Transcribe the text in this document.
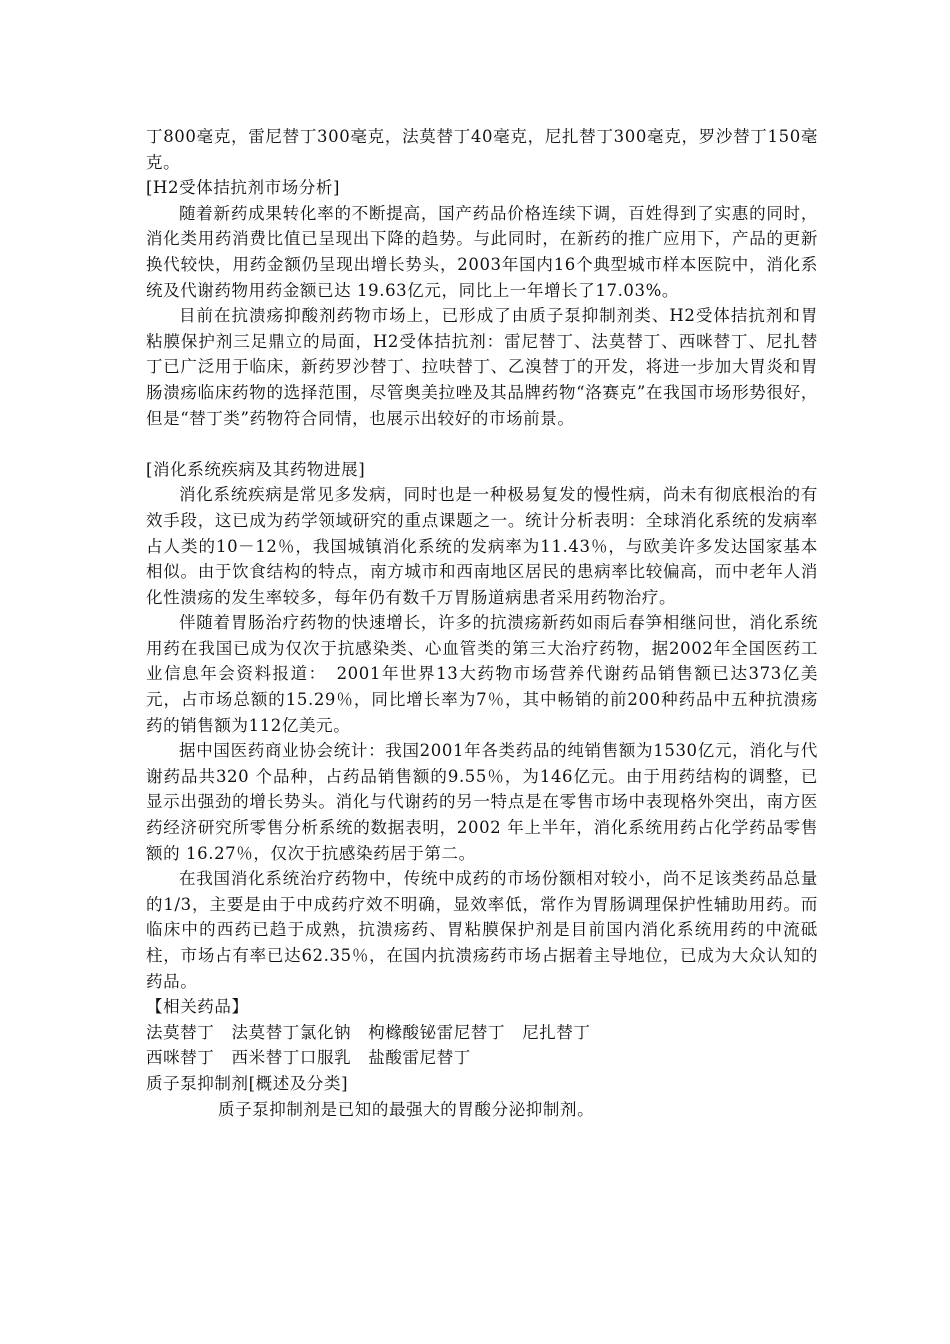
丁800毫克，雷尼替丁300毫克，法莫替丁40毫克，尼扎替丁300毫克，罗沙替丁150毫克。

[H2受体拮抗剂市场分析]

随着新药成果转化率的不断提高，国产药品价格连续下调，百姓得到了实惠的同时，消化类用药消费比值已呈现出下降的趋势。与此同时，在新药的推广应用下，产品的更新换代较快，用药金额仍呈现出增长势头，2003年国内16个典型城市样本医院中，消化系统及代谢药物用药金额已达 19.63亿元，同比上一年增长了17.03%。

目前在抗溃疡抑酸剂药物市场上，已形成了由质子泵抑制剂类、H2受体拮抗剂和胃粘膜保护剂三足鼎立的局面，H2受体拮抗剂：雷尼替丁、法莫替丁、西咪替丁、尼扎替丁已广泛用于临床，新药罗沙替丁、拉呋替丁、乙溴替丁的开发，将进一步加大胃炎和胃肠溃疡临床药物的选择范围，尽管奥美拉唑及其品牌药物“洛赛克”在我国市场形势很好，但是“替丁类”药物符合同情，也展示出较好的市场前景。

[消化系统疾病及其药物进展]

消化系统疾病是常见多发病，同时也是一种极易复发的慢性病，尚未有彻底根治的有效手段，这已成为药学领域研究的重点课题之一。统计分析表明：全球消化系统的发病率占人类的10－12％，我国城镇消化系统的发病率为11.43％，与欧美许多发达国家基本相似。由于饮食结构的特点，南方城市和西南地区居民的患病率比较偏高，而中老年人消化性溃疡的发生率较多，每年仍有数千万胃肠道病患者采用药物治疗。

伴随着胃肠治疗药物的快速增长，许多的抗溃疡新药如雨后春笋相继问世，消化系统用药在我国已成为仅次于抗感染类、心血管类的第三大治疗药物，据2002年全国医药工业信息年会资料报道：　2001年世界13大药物市场营养代谢药品销售额已达373亿美元，占市场总额的15.29％，同比增长率为7％，其中畅销的前200种药品中五种抗溃疡药的销售额为112亿美元。

据中国医药商业协会统计：我国2001年各类药品的纯销售额为1530亿元，消化与代谢药品共320 个品种，占药品销售额的9.55％，为146亿元。由于用药结构的调整，已显示出强劲的增长势头。消化与代谢药的另一特点是在零售市场中表现格外突出，南方医药经济研究所零售分析系统的数据表明，2002 年上半年，消化系统用药占化学药品零售额的 16.27％，仅次于抗感染药居于第二。

在我国消化系统治疗药物中，传统中成药的市场份额相对较小，尚不足该类药品总量的1/3，主要是由于中成药疗效不明确，显效率低，常作为胃肠调理保护性辅助用药。而临床中的西药已趋于成熟，抗溃疡药、胃粘膜保护剂是目前国内消化系统用药的中流砥柱，市场占有率已达62.35％，在国内抗溃疡药市场占据着主导地位，已成为大众认知的药品。

【相关药品】

法莫替丁　法莫替丁氯化钠　枸橼酸铋雷尼替丁　尼扎替丁

西咪替丁　西米替丁口服乳　盐酸雷尼替丁

质子泵抑制剂[概述及分类]

质子泵抑制剂是已知的最强大的胃酸分泌抑制剂。
